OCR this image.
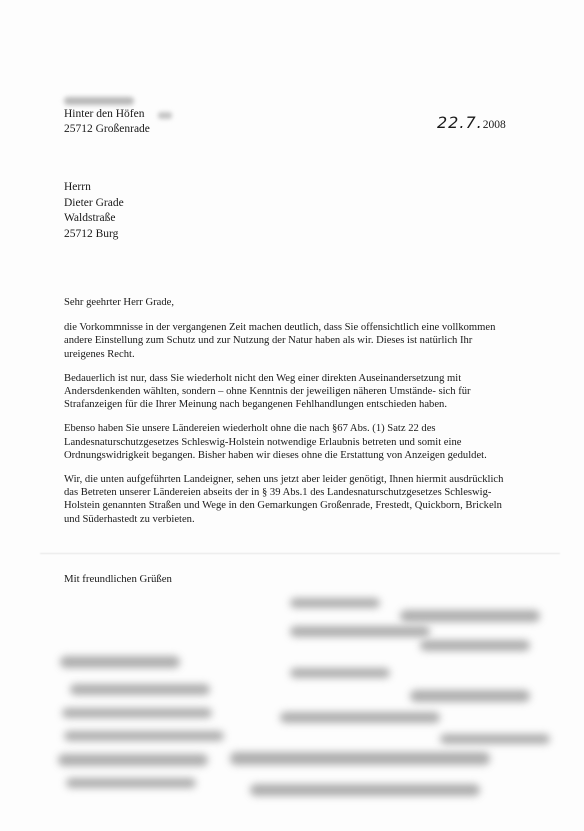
Hinter den Höfen
25712 Großenrade	22.7.2008
Herrn
Dieter Grade
Waldstraße
25712 Burg

Sehr geehrter Herr Grade,

die Vorkommnisse in der vergangenen Zeit machen deutlich, dass Sie offensichtlich eine vollkommen andere Einstellung zum Schutz und zur Nutzung der Natur haben als wir. Dieses ist natürlich Ihr ureigenes Recht.

Bedauerlich ist nur, dass Sie wiederholt nicht den Weg einer direkten Auseinandersetzung mit Andersdenkenden wählten, sondern – ohne Kenntnis der jeweiligen näheren Umstände- sich für Strafanzeigen für die Ihrer Meinung nach begangenen Fehlhandlungen entschieden haben.

Ebenso haben Sie unsere Ländereien wiederholt ohne die nach §67 Abs. (1) Satz 22 des Landesnaturschutzgesetzes Schleswig-Holstein notwendige Erlaubnis betreten und somit eine Ordnungswidrigkeit begangen. Bisher haben wir dieses ohne die Erstattung von Anzeigen geduldet.

Wir, die unten aufgeführten Landeigner, sehen uns jetzt aber leider genötigt, Ihnen hiermit ausdrücklich das Betreten unserer Ländereien abseits der in § 39 Abs.1 des Landesnaturschutzgesetzes Schleswig-Holstein genannten Straßen und Wege in den Gemarkungen Großenrade, Frestedt, Quickborn, Brickeln und Süderhastedt zu verbieten.

Mit freundlichen Grüßen
